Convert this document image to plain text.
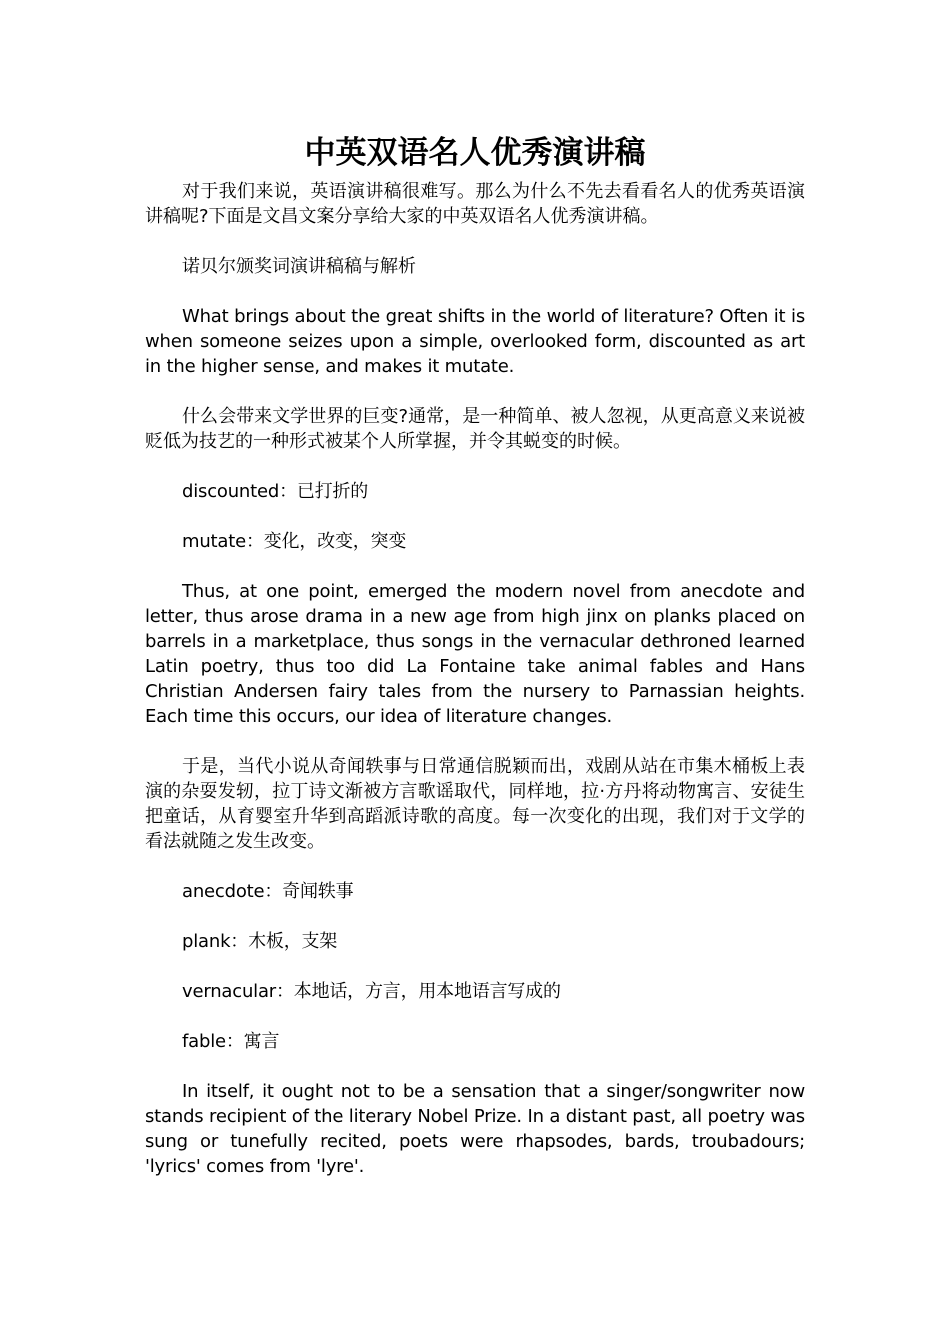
中英双语名人优秀演讲稿

对于我们来说，英语演讲稿很难写。那么为什么不先去看看名人的优秀英语演讲稿呢?下面是文昌文案分享给大家的中英双语名人优秀演讲稿。

诺贝尔颁奖词演讲稿稿与解析

What brings about the great shifts in the world of literature? Often it is when someone seizes upon a simple, overlooked form, discounted as art in the higher sense, and makes it mutate.

什么会带来文学世界的巨变?通常，是一种简单、被人忽视，从更高意义来说被贬低为技艺的一种形式被某个人所掌握，并令其蜕变的时候。

discounted：已打折的

mutate：变化，改变，突变

Thus, at one point, emerged the modern novel from anecdote and letter, thus arose drama in a new age from high jinx on planks placed on barrels in a marketplace, thus songs in the vernacular dethroned learned Latin poetry, thus too did La Fontaine take animal fables and Hans Christian Andersen fairy tales from the nursery to Parnassian heights. Each time this occurs, our idea of literature changes.

于是，当代小说从奇闻轶事与日常通信脱颖而出，戏剧从站在市集木桶板上表演的杂耍发轫，拉丁诗文渐被方言歌谣取代，同样地，拉·方丹将动物寓言、安徒生把童话，从育婴室升华到高蹈派诗歌的高度。每一次变化的出现，我们对于文学的看法就随之发生改变。

anecdote：奇闻轶事

plank：木板，支架

vernacular：本地话，方言，用本地语言写成的

fable：寓言

In itself, it ought not to be a sensation that a singer/songwriter now stands recipient of the literary Nobel Prize. In a distant past, all poetry was sung or tunefully recited, poets were rhapsodes, bards, troubadours; 'lyrics' comes from 'lyre'.
